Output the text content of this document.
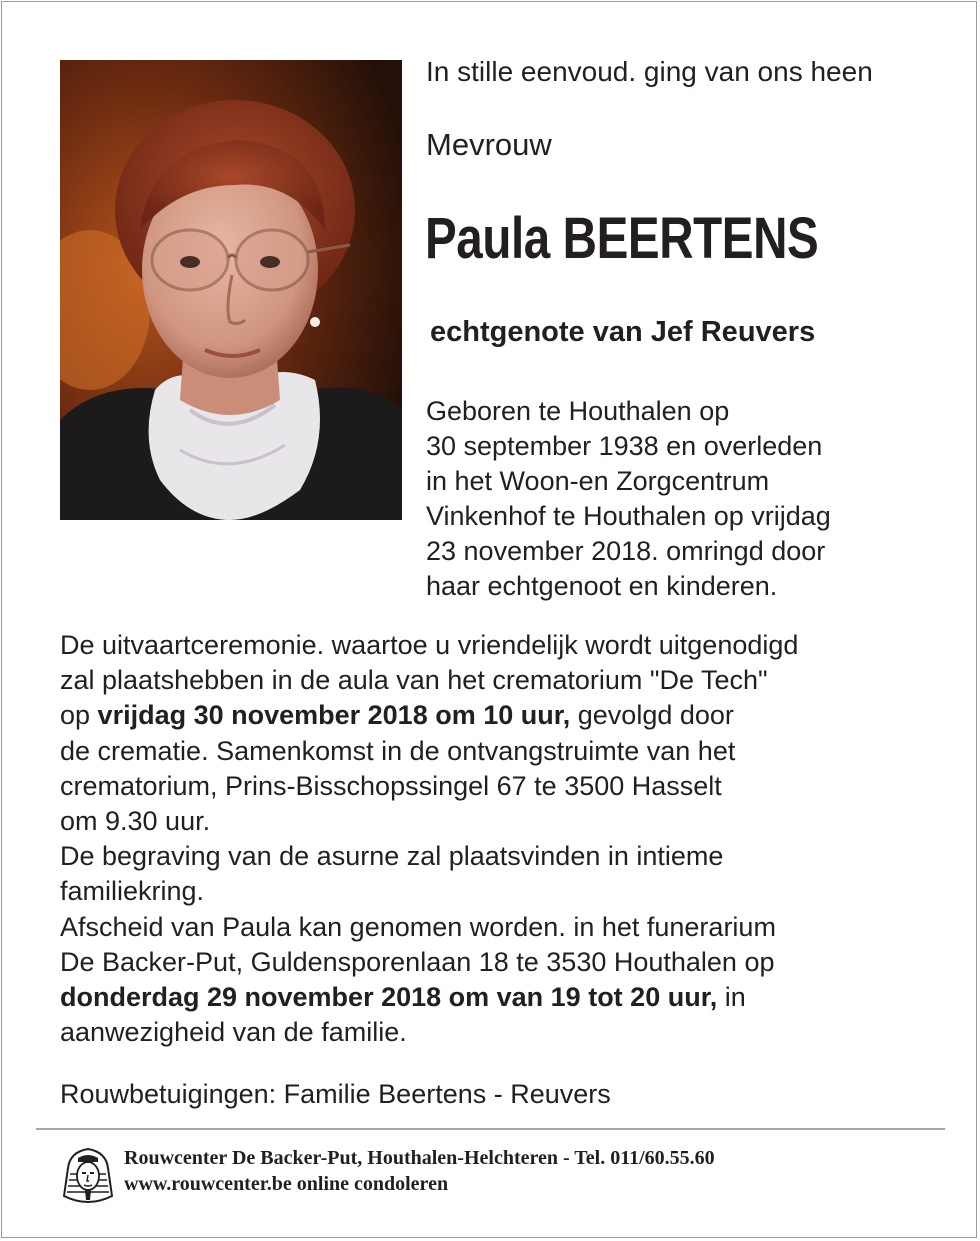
In stille eenvoud. ging van ons heen

Mevrouw

Paula BEERTENS

echtgenote van Jef Reuvers

Geboren te Houthalen op
30 september 1938 en overleden
in het Woon-en Zorgcentrum
Vinkenhof te Houthalen op vrijdag
23 november 2018. omringd door
haar echtgenoot en kinderen.
De uitvaartceremonie. waartoe u vriendelijk wordt uitgenodigd
zal plaatshebben in de aula van het crematorium "De Tech"
op vrijdag 30 november 2018 om 10 uur, gevolgd door
de crematie. Samenkomst in de ontvangstruimte van het
crematorium, Prins-Bisschopssingel 67 te 3500 Hasselt
om 9.30 uur.
De begraving van de asurne zal plaatsvinden in intieme
familiekring.
Afscheid van Paula kan genomen worden. in het funerarium
De Backer-Put, Guldensporenlaan 18 te 3530 Houthalen op
donderdag 29 november 2018 om van 19 tot 20 uur, in
aanwezigheid van de familie.

Rouwbetuigingen: Familie Beertens - Reuvers

Rouwcenter De Backer-Put, Houthalen-Helchteren - Tel. 011/60.55.60
www.rouwcenter.be online condoleren
